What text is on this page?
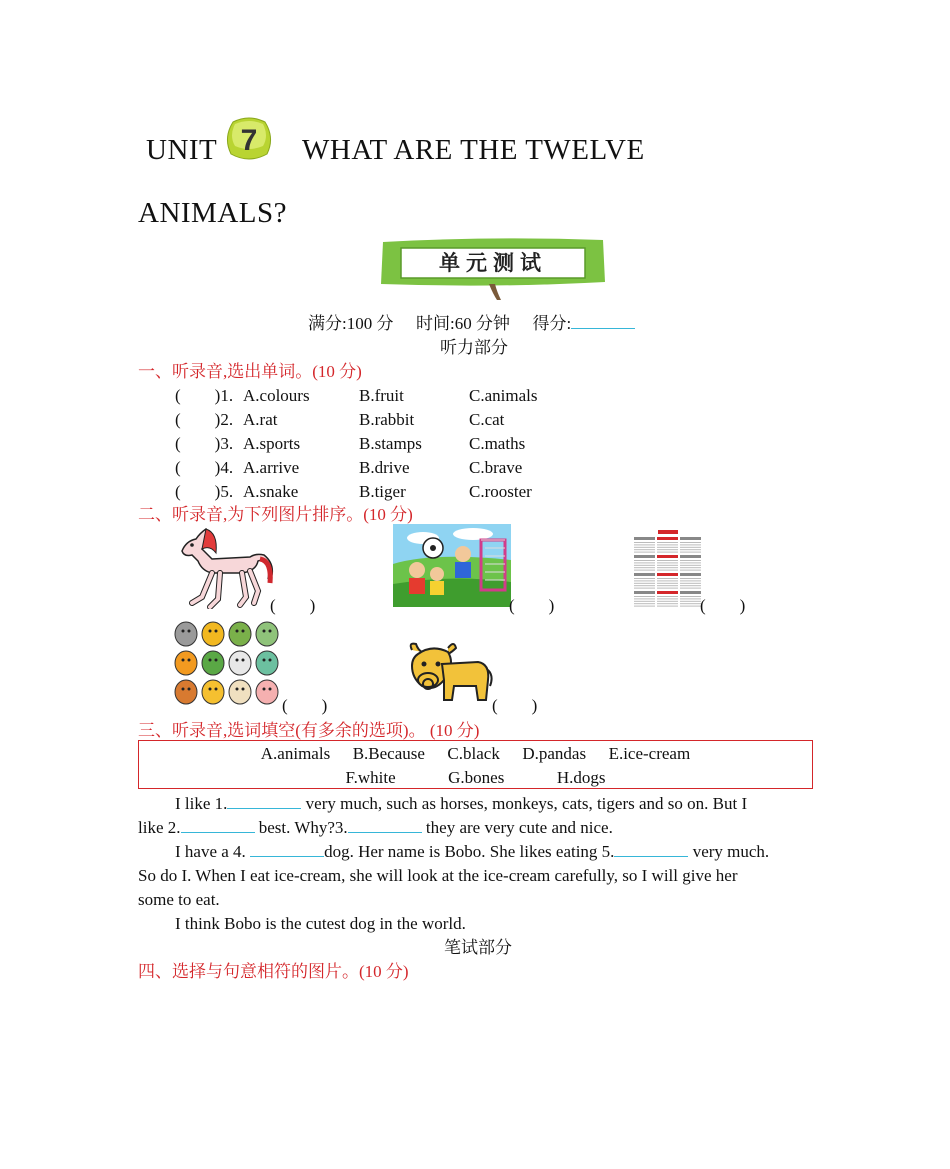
UNIT 7 WHAT ARE THE TWELVE
ANIMALS?
单元测试
满分:100 分 时间:60 分钟 得分:
听力部分
一、听录音,选出单词。(10 分)
(　　)1. A.colours	B.fruit	C.animals
(　　)2. A.rat	B.rabbit	C.cat
(　　)3. A.sports	B.stamps	C.maths
(　　)4. A.arrive	B.drive	C.brave
(　　)5. A.snake	B.tiger	C.rooster
二、听录音,为下列图片排序。(10 分)
(　　)	(　　)	(　　)
(　　)	(　　)
三、听录音,选词填空(有多余的选项)。 (10 分)
A.animals B.Because C.black D.pandas E.ice-cream
F.white	G.bones	H.dogs
I like 1.	very much, such as horses, monkeys, cats, tigers and so on. But I
like 2.	best. Why?3.	they are very cute and nice.
I have a 4.	dog. Her name is Bobo. She likes eating 5.	very much.
So do I. When I eat ice-cream, she will look at the ice-cream carefully, so I will give her
some to eat.
I think Bobo is the cutest dog in the world.
笔试部分
四、选择与句意相符的图片。(10 分)
